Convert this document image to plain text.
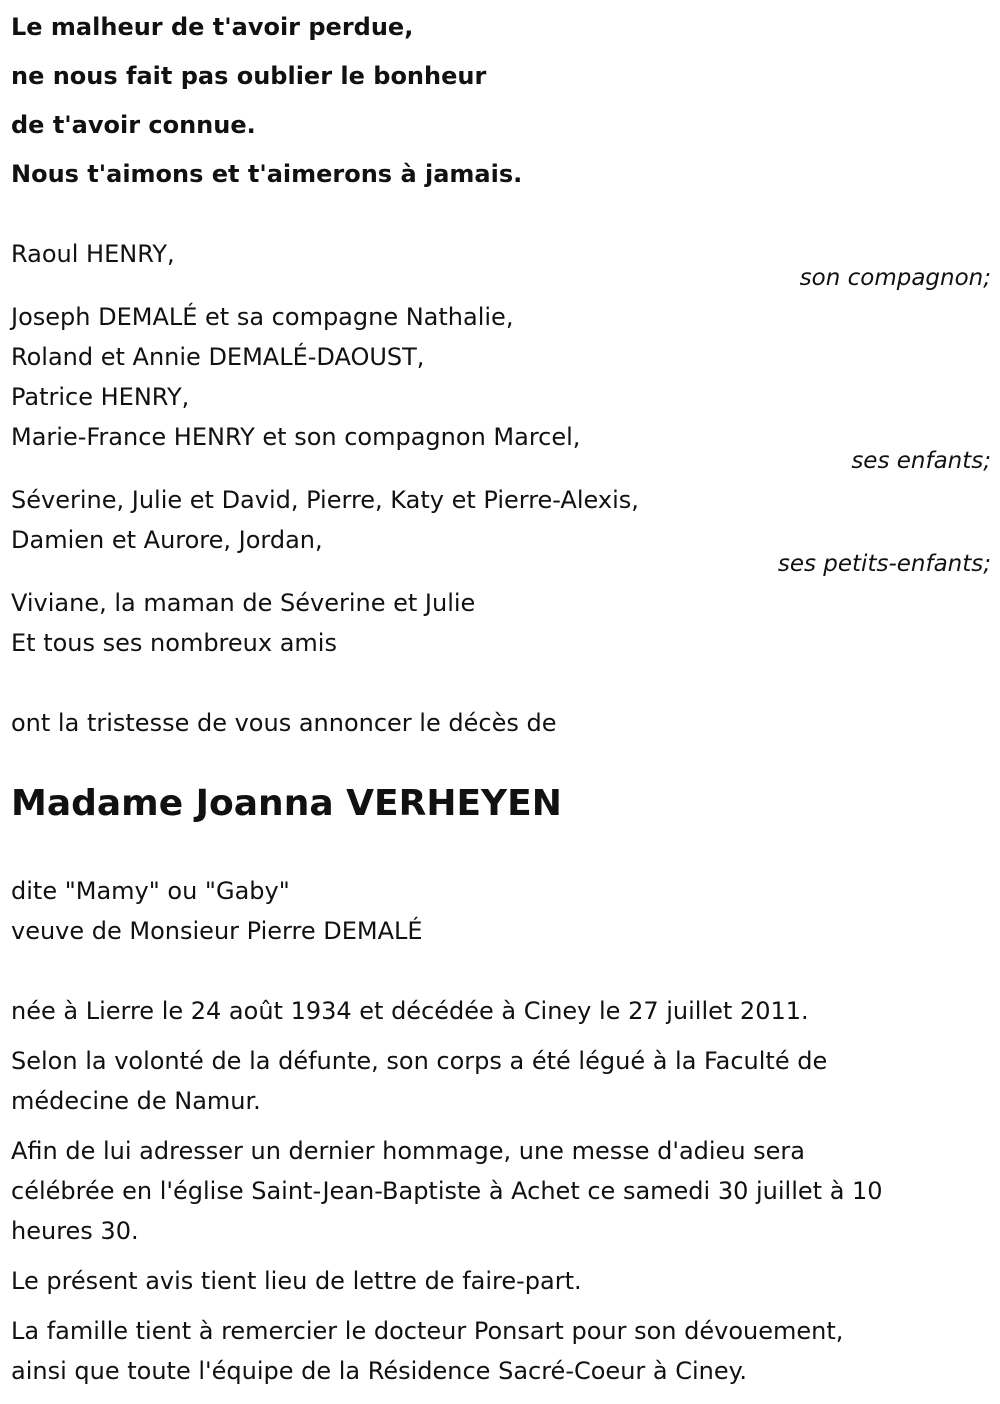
Le malheur de t'avoir perdue,
ne nous fait pas oublier le bonheur
de t'avoir connue.
Nous t'aimons et t'aimerons à jamais.
Raoul HENRY,
son compagnon;
Joseph DEMALÉ et sa compagne Nathalie,
Roland et Annie DEMALÉ-DAOUST,
Patrice HENRY,
Marie-France HENRY et son compagnon Marcel,
ses enfants;
Séverine, Julie et David, Pierre, Katy et Pierre-Alexis,
Damien et Aurore, Jordan,
ses petits-enfants;
Viviane, la maman de Séverine et Julie
Et tous ses nombreux amis
ont la tristesse de vous annoncer le décès de
Madame Joanna VERHEYEN
dite "Mamy" ou "Gaby"
veuve de Monsieur Pierre DEMALÉ
née à Lierre le 24 août 1934 et décédée à Ciney le 27 juillet 2011.
Selon la volonté de la défunte, son corps a été légué à la Faculté de
médecine de Namur.
Afin de lui adresser un dernier hommage, une messe d'adieu sera
célébrée en l'église Saint-Jean-Baptiste à Achet ce samedi 30 juillet à 10
heures 30.
Le présent avis tient lieu de lettre de faire-part.
La famille tient à remercier le docteur Ponsart pour son dévouement,
ainsi que toute l'équipe de la Résidence Sacré-Coeur à Ciney.
